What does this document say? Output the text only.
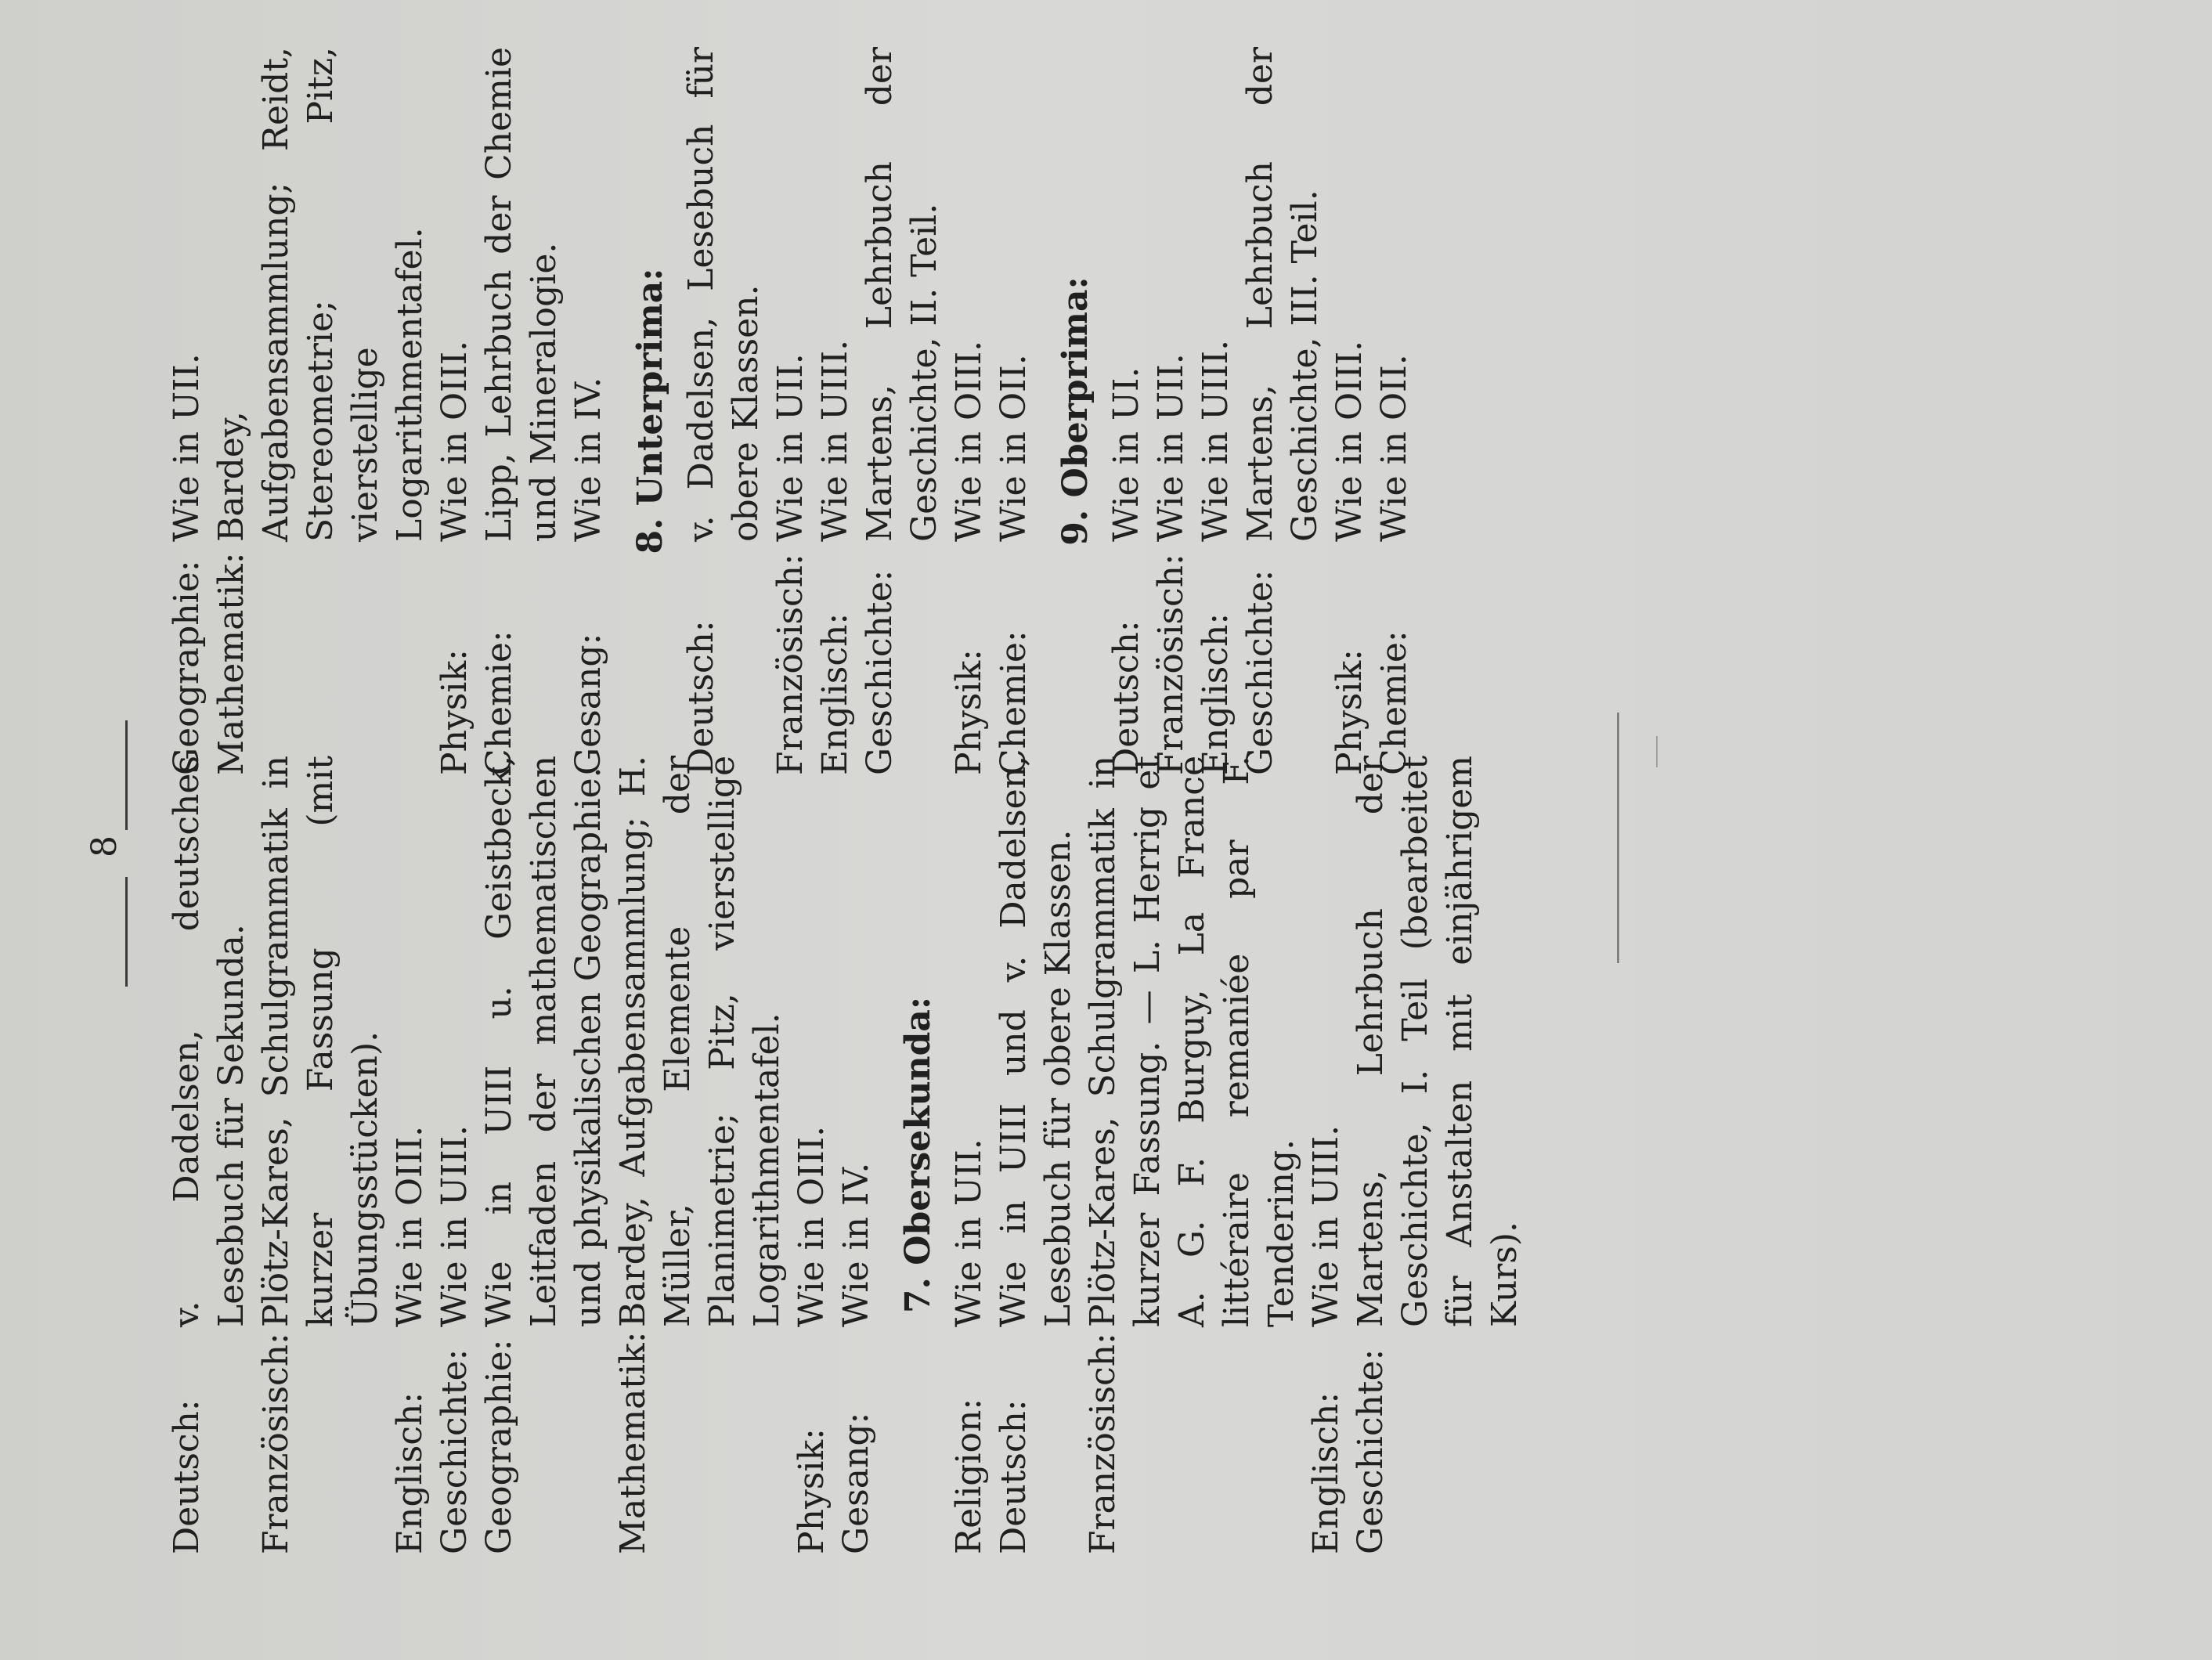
8
Deutsch:
v. Dadelsen, deutsches Lesebuch für Sekunda.
Französisch:
Plötz-Kares, Schulgrammatik in kurzer Fassung (mit Übungsstücken).
Englisch:
Wie in OIII.
Geschichte:
Wie in UIII.
Geographie:
Wie in UIII u. Geistbeck, Leitfaden der mathematischen und physikalischen Geographie.
Mathematik:
Bardey, Aufgabensammlung; H. Müller, Elemente der Planimetrie; Pitz, vierstellige Logarithmentafel.
Physik:
Wie in OIII.
Gesang:
Wie in IV. 7. Obersekunda:
Religion:
Wie in UII.
Deutsch:
Wie in UIII und v. Dadelsen, Lesebuch für obere Klassen.
Französisch:
Plötz-Kares, Schulgrammatik in kurzer Fassung. — L. Herrig et A. G. F. Burguy, La France littéraire remaniée par F. Tendering.
Englisch:
Wie in UIII.
Geschichte:
Martens, Lehrbuch der Geschichte, I. Teil (bearbeitet für Anstalten mit einjährigem Kurs).
Geographie:
Wie in UII.
Mathematik:
Bardey, Aufgabensammlung; Reidt, Stereometrie; Pitz, vierstellige Logarithmentafel.
Physik:
Wie in OIII.
Chemie:
Lipp, Lehrbuch der Chemie und Mineralogie.
Gesang:
Wie in IV. 8. Unterprima:
Deutsch:
v. Dadelsen, Lesebuch für obere Klassen.
Französisch:
Wie in UII.
Englisch:
Wie in UIII.
Geschichte:
Martens, Lehrbuch der Geschichte, II. Teil.
Physik:
Wie in OIII.
Chemie:
Wie in OII. 9. Oberprima:
Deutsch:
Wie in UI.
Französisch:
Wie in UII.
Englisch:
Wie in UIII.
Geschichte:
Martens, Lehrbuch der Geschichte, III. Teil.
Physik:
Wie in OIII.
Chemie:
Wie in OII.
